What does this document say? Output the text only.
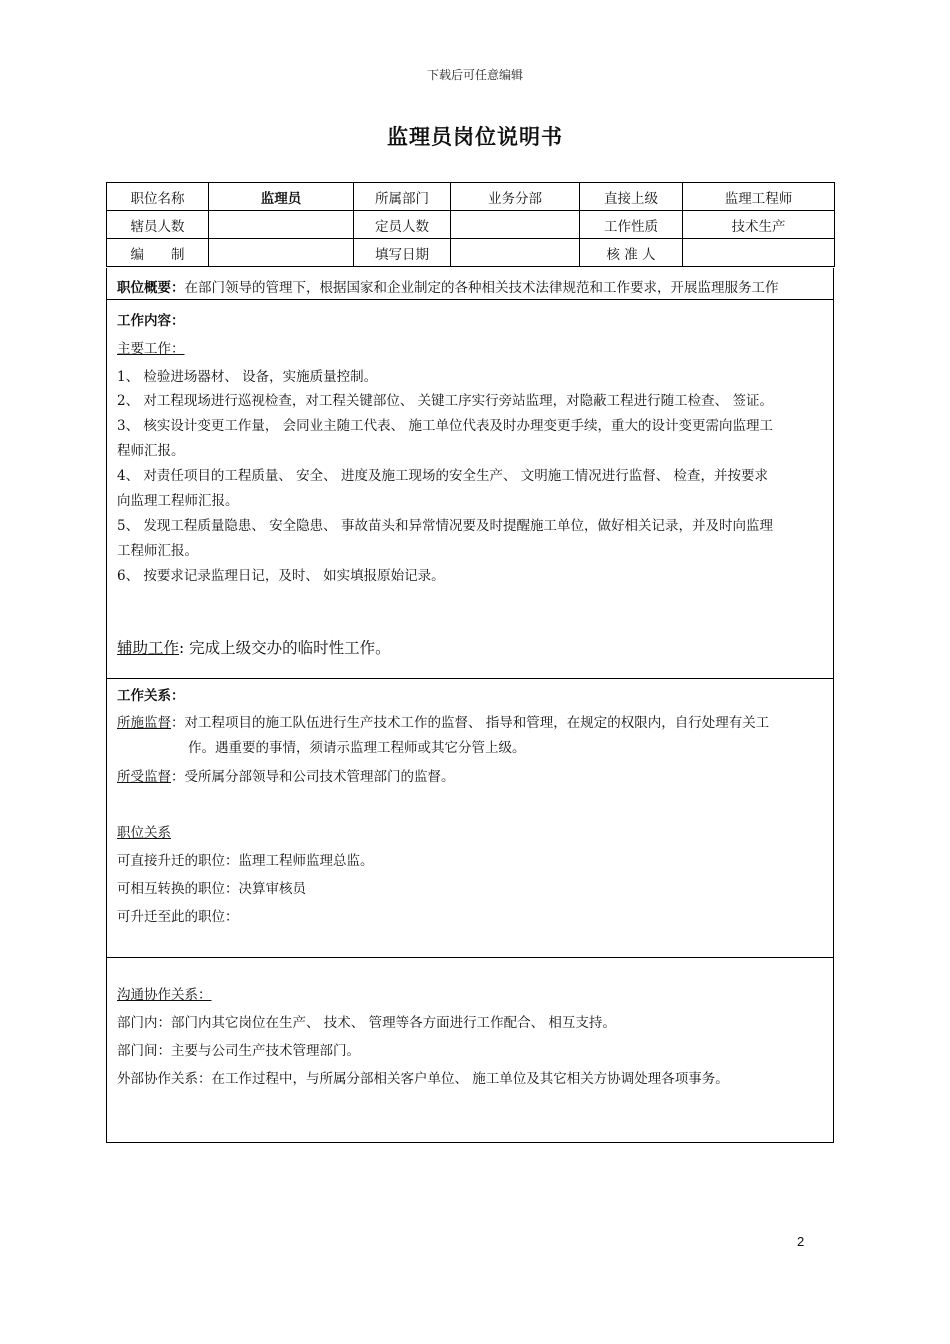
下载后可任意编辑
监理员岗位说明书
职位名称	监理员	所属部门	业务分部	直接上级	监理工程师
辖员人数		定员人数		工作性质	技术生产
编　　制		填写日期		核 准 人	
职位概要：在部门领导的管理下，根据国家和企业制定的各种相关技术法律规范和工作要求，开展监理服务工作
工作内容：
主要工作：
1、 检验进场器材、 设备，实施质量控制。
2、 对工程现场进行巡视检查，对工程关键部位、 关键工序实行旁站监理，对隐蔽工程进行随工检查、 签证。
3、 核实设计变更工作量， 会同业主随工代表、 施工单位代表及时办理变更手续，重大的设计变更需向监理工
程师汇报。
4、 对责任项目的工程质量、 安全、 进度及施工现场的安全生产、 文明施工情况进行监督、 检查，并按要求
向监理工程师汇报。
5、 发现工程质量隐患、 安全隐患、 事故苗头和异常情况要及时提醒施工单位，做好相关记录，并及时向监理
工程师汇报。
6、 按要求记录监理日记，及时、 如实填报原始记录。
辅助工作: 完成上级交办的临时性工作。
工作关系：
所施监督：对工程项目的施工队伍进行生产技术工作的监督、 指导和管理，在规定的权限内，自行处理有关工
作。遇重要的事情，须请示监理工程师或其它分管上级。
所受监督：受所属分部领导和公司技术管理部门的监督。
职位关系
可直接升迁的职位：监理工程师监理总监。
可相互转换的职位：决算审核员
可升迁至此的职位：
沟通协作关系：
部门内：部门内其它岗位在生产、 技术、 管理等各方面进行工作配合、 相互支持。
部门间：主要与公司生产技术管理部门。
外部协作关系：在工作过程中，与所属分部相关客户单位、 施工单位及其它相关方协调处理各项事务。
2
